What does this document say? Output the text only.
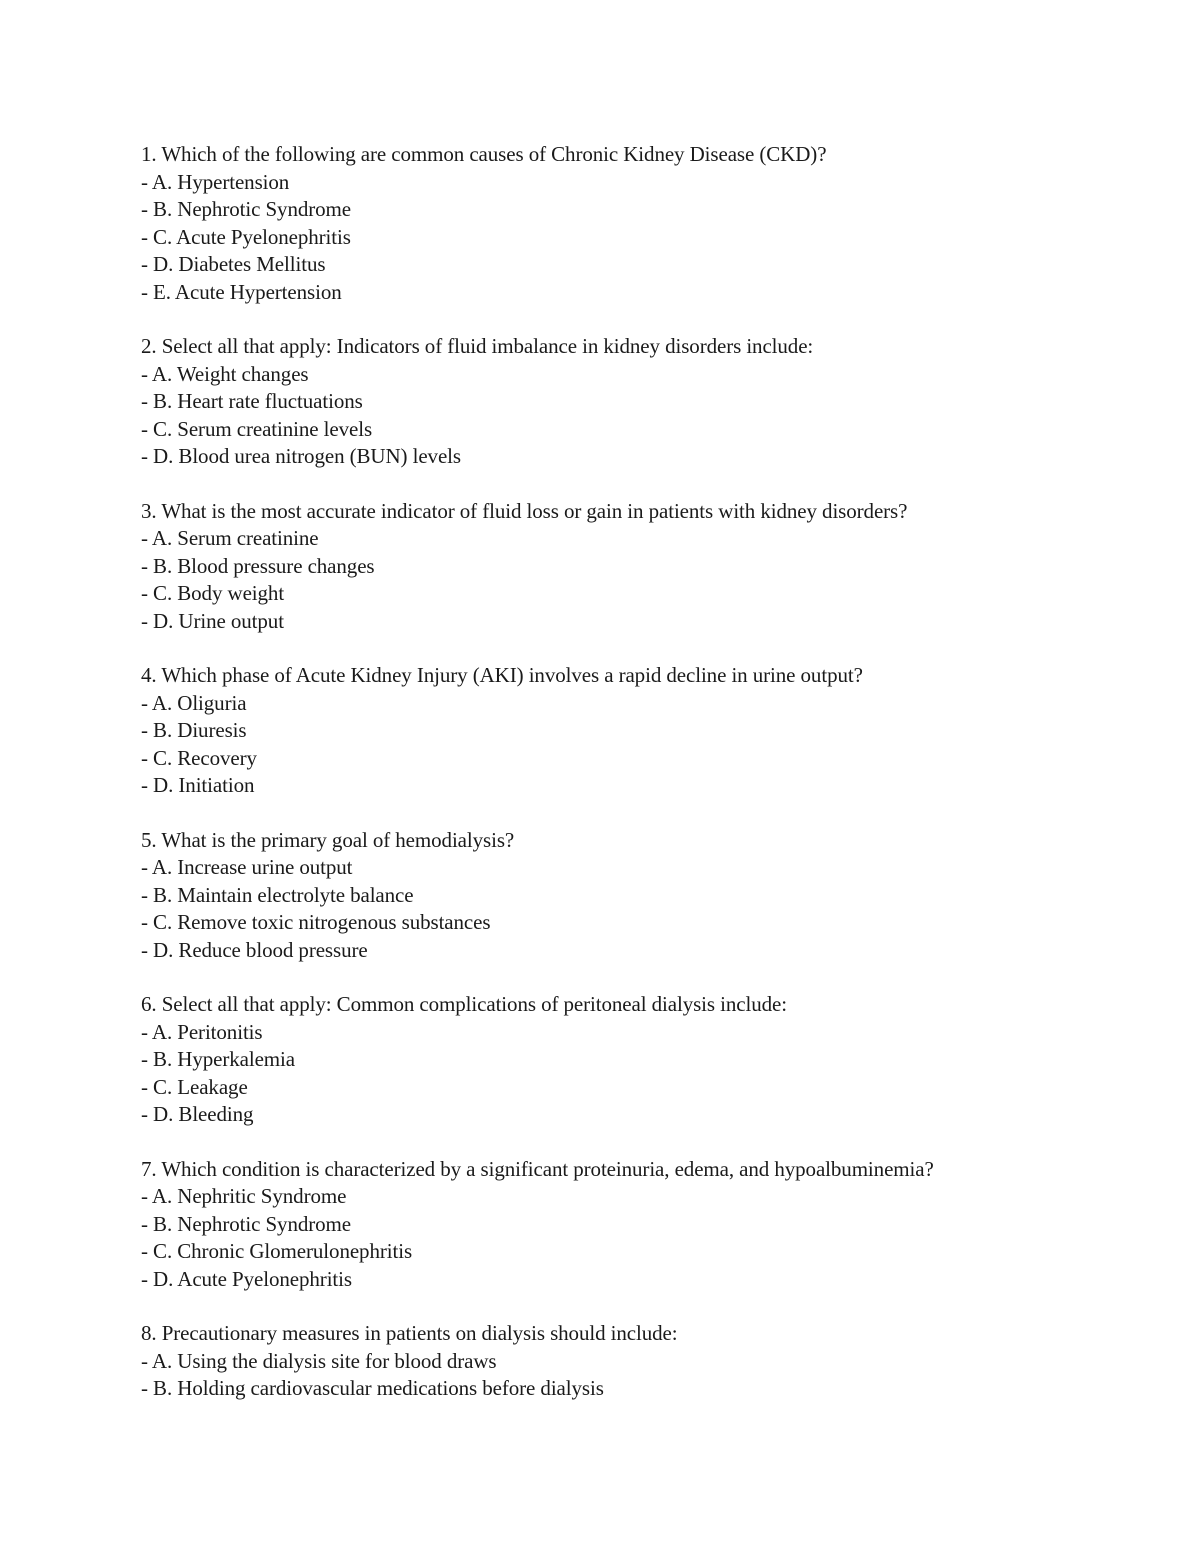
1. Which of the following are common causes of Chronic Kidney Disease (CKD)?
- A. Hypertension
- B. Nephrotic Syndrome
- C. Acute Pyelonephritis
- D. Diabetes Mellitus
- E. Acute Hypertension
2. Select all that apply: Indicators of fluid imbalance in kidney disorders include:
- A. Weight changes
- B. Heart rate fluctuations
- C. Serum creatinine levels
- D. Blood urea nitrogen (BUN) levels
3. What is the most accurate indicator of fluid loss or gain in patients with kidney disorders?
- A. Serum creatinine
- B. Blood pressure changes
- C. Body weight
- D. Urine output
4. Which phase of Acute Kidney Injury (AKI) involves a rapid decline in urine output?
- A. Oliguria
- B. Diuresis
- C. Recovery
- D. Initiation
5. What is the primary goal of hemodialysis?
- A. Increase urine output
- B. Maintain electrolyte balance
- C. Remove toxic nitrogenous substances
- D. Reduce blood pressure
6. Select all that apply: Common complications of peritoneal dialysis include:
- A. Peritonitis
- B. Hyperkalemia
- C. Leakage
- D. Bleeding
7. Which condition is characterized by a significant proteinuria, edema, and hypoalbuminemia?
- A. Nephritic Syndrome
- B. Nephrotic Syndrome
- C. Chronic Glomerulonephritis
- D. Acute Pyelonephritis
8. Precautionary measures in patients on dialysis should include:
- A. Using the dialysis site for blood draws
- B. Holding cardiovascular medications before dialysis
